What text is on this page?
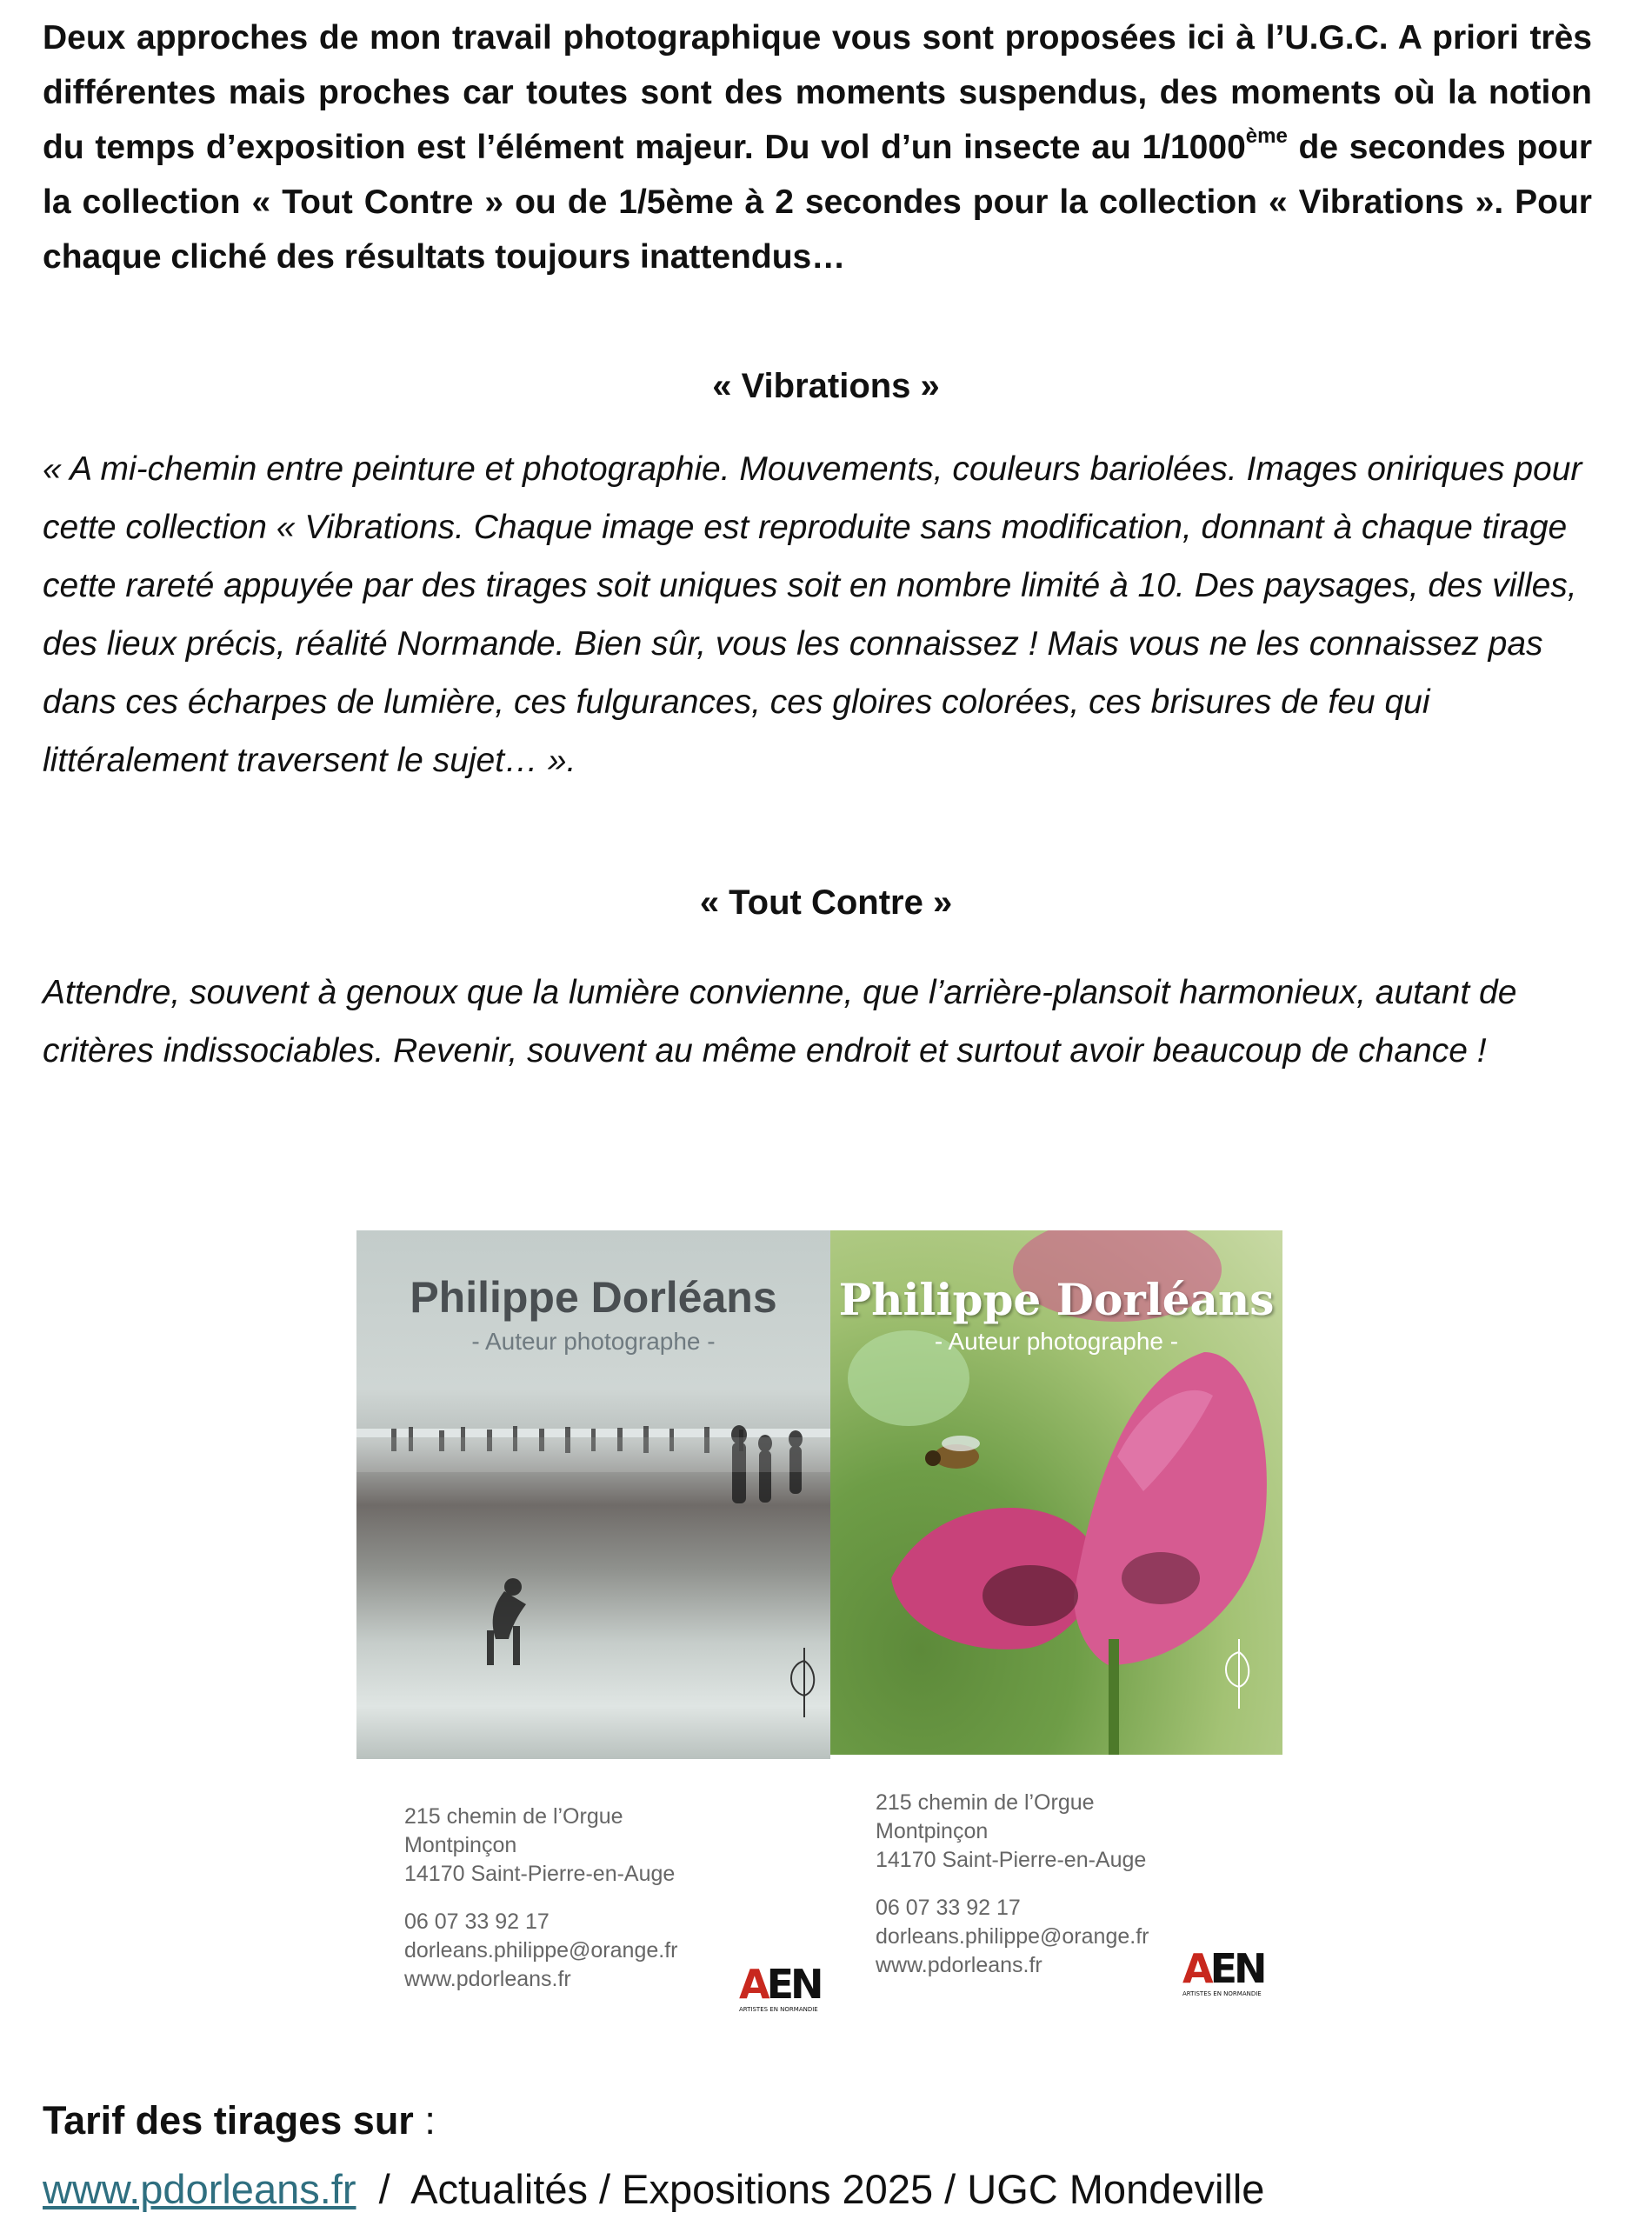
Deux approches de mon travail photographique vous sont proposées ici à l’U.G.C. A priori très différentes mais proches car toutes sont des moments suspendus, des moments où la notion du temps d’exposition est l’élément majeur. Du vol d’un insecte au 1/1000ème de secondes pour la collection « Tout Contre » ou de 1/5ème à 2 secondes pour la collection « Vibrations ». Pour chaque cliché des résultats toujours inattendus…
« Vibrations »
« A mi-chemin entre peinture et photographie. Mouvements, couleurs bariolées. Images oniriques pour cette collection « Vibrations. Chaque image est reproduite sans modification, donnant à chaque tirage cette rareté appuyée par des tirages soit uniques soit en nombre limité à 10. Des paysages, des villes, des lieux précis, réalité Normande. Bien sûr, vous les connaissez ! Mais vous ne les connaissez pas dans ces écharpes de lumière, ces fulgurances, ces gloires colorées, ces brisures de feu qui littéralement traversent le sujet… ».
« Tout Contre »
Attendre, souvent à genoux que la lumière convienne, que l’arrière-plansoit harmonieux, autant de critères indissociables. Revenir, souvent au même endroit et surtout avoir beaucoup de chance !
Philippe Dorléans
- Auteur photographe -
Philippe Dorléans
- Auteur photographe -
215 chemin de l’Orgue
Montpinçon
14170 Saint-Pierre-en-Auge
06 07 33 92 17
dorleans.philippe@orange.fr
www.pdorleans.fr	AEN
ARTISTES EN NORMANDIE
215 chemin de l’Orgue
Montpinçon
14170 Saint-Pierre-en-Auge
06 07 33 92 17
dorleans.philippe@orange.fr
www.pdorleans.fr	AEN
ARTISTES EN NORMANDIE
Tarif des tirages sur :
www.pdorleans.fr  /  Actualités / Expositions 2025 / UGC Mondeville
